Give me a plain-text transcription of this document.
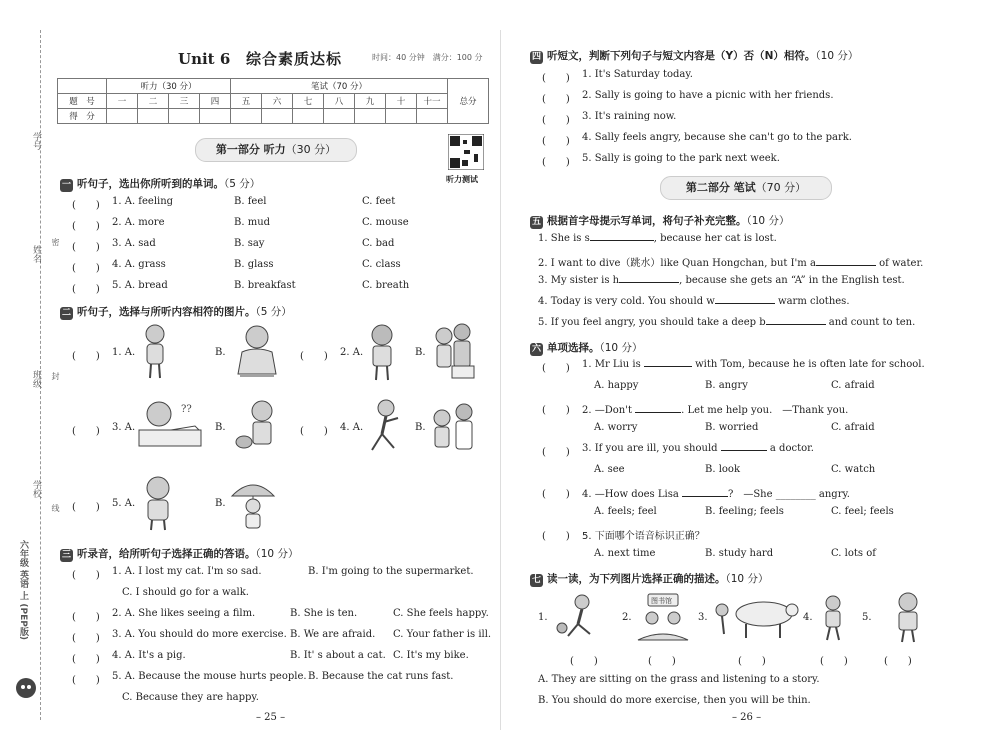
学号
姓名
班级
学校
密
封
线
六年级 英语 上 (PEP版)
Unit 6 综合素质达标	时间：40 分钟　满分：100 分
	听力（30 分）				笔试（70 分）							总分
题　号	一	二	三	四	五	六	七	八	九	十	十一	
得　分												
第一部分 听力（30 分）
听力测试
一 听句子，选出你所听到的单词。（5 分）
(　　) 1. A. feeling	B. feel	C. feet
(　　) 2. A. more	B. mud	C. mouse
(　　) 3. A. sad	B. say	C. bad
(　　) 4. A. grass	B. glass	C. class
(　　) 5. A. bread	B. breakfast	C. breath
二 听句子，选择与所听内容相符的图片。（5 分）
(　　) 1. A.	B.	(　　) 2. A.	B.
(　　) 3. A.
??
B.	(　　) 4. A.	B.
(　　) 5. A.	B.
三 听录音，给所听句子选择正确的答语。（10 分）
(　　) 1. A. I lost my cat. I'm so sad.	B. I'm going to the supermarket.
C. I should go for a walk.
(　　) 2. A. She likes seeing a film.	B. She is ten.	C. She feels happy.
(　　) 3. A. You should do more exercise. B. We are afraid. C. Your father is ill.
(　　) 4. A. It's a pig.	B. It' s about a cat. C. It's my bike.
(　　) 5. A. Because the mouse hurts people. B. Because the cat runs fast.
C. Because they are happy.
– 25 –
四 听短文，判断下列句子与短文内容是（Y）否（N）相符。（10 分）
(　　) 1. It's Saturday today.
(　　) 2. Sally is going to have a picnic with her friends.
(　　) 3. It's raining now.
(　　) 4. Sally feels angry, because she can't go to the park.
(　　) 5. Sally is going to the park next week.
第二部分 笔试（70 分）
五 根据首字母提示写单词，将句子补充完整。（10 分）
1. She is s	, because her cat is lost.
2. I want to dive（跳水）like Quan Hongchan, but I'm a	of water.
3. My sister is h	, because she gets an “A” in the English test.
4. Today is very cold. You should w	warm clothes.
5. If you feel angry, you should take a deep b	and count to ten.
六 单项选择。（10 分）
(　　) 1. Mr Liu is	with Tom, because he is often late for school.
A. happy	B. angry	C. afraid
(　　) 2. —Don't	. Let me help you.　—Thank you.
A. worry	B. worried	C. afraid
(　　) 3. If you are ill, you should	a doctor.
A. see	B. look	C. watch
(　　) 4. —How does Lisa	?　—She ________ angry.
A. feels; feel	B. feeling; feels	C. feel; feels
(　　) 5. 下面哪个语音标识正确？
A. next time	B. study hard	C. lots of
七 读一读，为下列图片选择正确的描述。（10 分）
1.	2.
图书馆
3.	4.	5.
(　　)	(　　)	(　　)	(　　)	(　　)
A. They are sitting on the grass and listening to a story.
B. You should do more exercise, then you will be thin.
– 26 –
